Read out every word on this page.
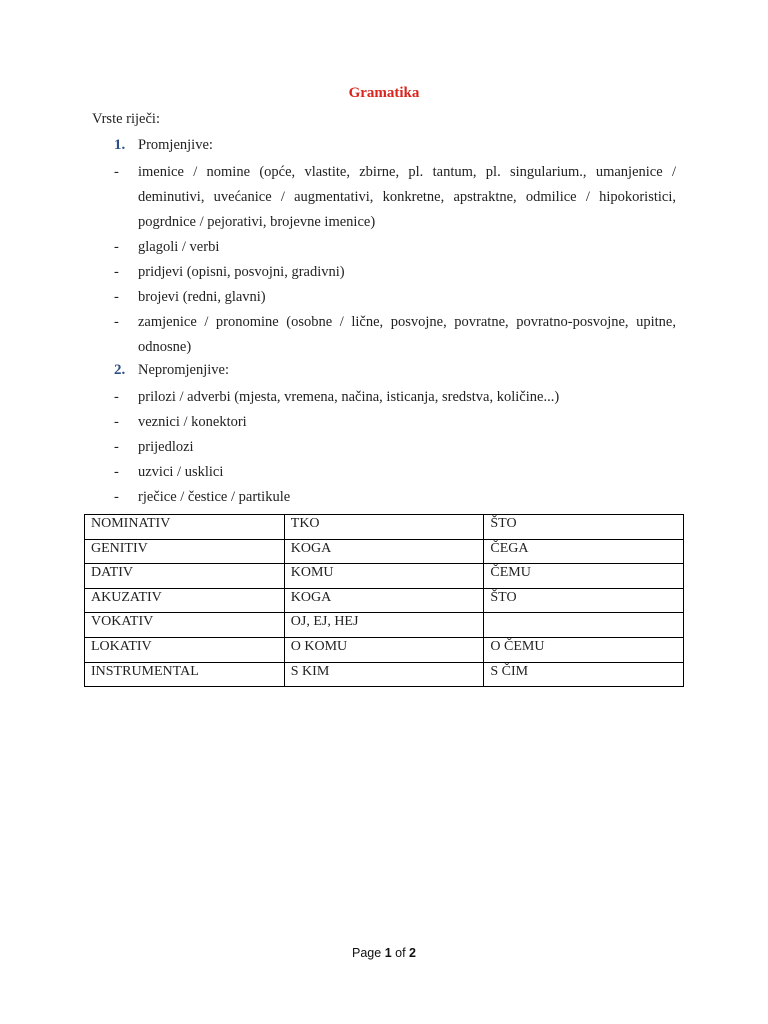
Gramatika
Vrste riječi:
1. Promjenjive:
-	imenice / nomine (opće, vlastite, zbirne, pl. tantum, pl. singularium., umanjenice / deminutivi, uvećanice / augmentativi, konkretne, apstraktne, odmilice / hipokoristici, pogrdnice / pejorativi, brojevne imenice)
-	glagoli / verbi
-	pridjevi (opisni, posvojni, gradivni)
-	brojevi (redni, glavni)
-	zamjenice / pronomine (osobne / lične, posvojne, povratne, povratno-posvojne, upitne, odnosne)
2. Nepromjenjive:
-	prilozi / adverbi (mjesta, vremena, načina, isticanja, sredstva, količine...)
-	veznici / konektori
-	prijedlozi
-	uzvici / usklici
-	rječice / čestice / partikule
NOMINATIV	TKO	ŠTO
GENITIV	KOGA	ČEGA
DATIV	KOMU	ČEMU
AKUZATIV	KOGA	ŠTO
VOKATIV	OJ, EJ, HEJ	
LOKATIV	O KOMU	O ČEMU
INSTRUMENTAL	S KIM	S ČIM
Page 1 of 2
